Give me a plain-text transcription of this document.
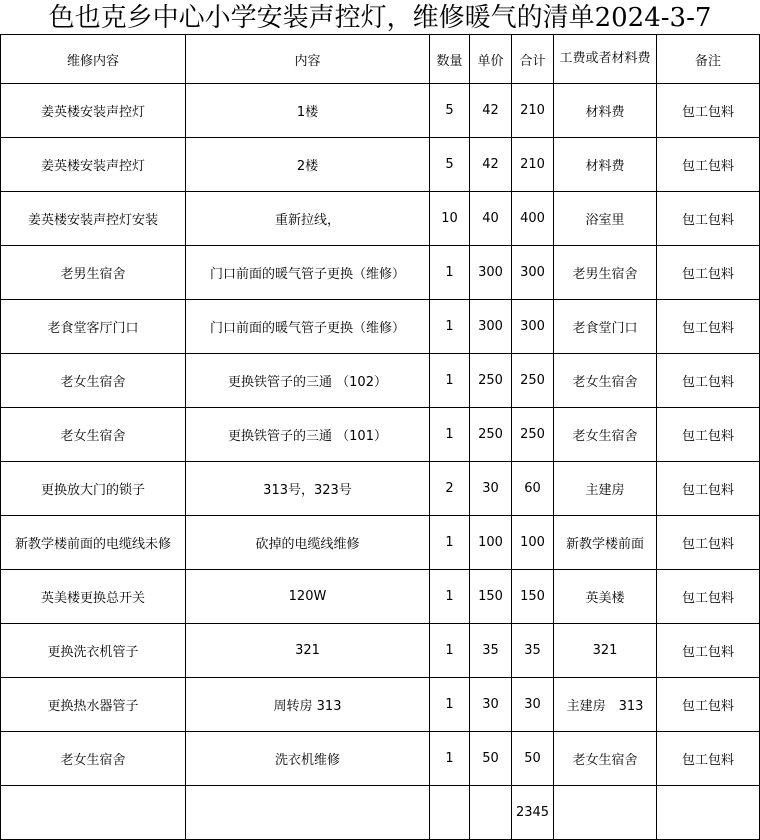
色也克乡中心小学安装声控灯，维修暖气的清单2024-3-7
维修内容	内容	数量	单价	合计	工费或者材料费	备注
姜英楼安装声控灯	1楼	5	42	210	材料费	包工包料
姜英楼安装声控灯	2楼	5	42	210	材料费	包工包料
姜英楼安装声控灯安装	重新拉线，	10	40	400	浴室里	包工包料
老男生宿舍	门口前面的暖气管子更换（维修）	1	300	300	老男生宿舍	包工包料
老食堂客厅门口	门口前面的暖气管子更换（维修）	1	300	300	老食堂门口	包工包料
老女生宿舍	更换铁管子的三通 （102）	1	250	250	老女生宿舍	包工包料
老女生宿舍	更换铁管子的三通 （101）	1	250	250	老女生宿舍	包工包料
更换放大门的锁子	313号，323号	2	30	60	主建房	包工包料
新教学楼前面的电缆线未修	砍掉的电缆线维修	1	100	100	新教学楼前面	包工包料
英美楼更换总开关	120W	1	150	150	英美楼	包工包料
更换洗衣机管子	321	1	35	35	321	包工包料
更换热水器管子	周转房 313	1	30	30	主建房　313	包工包料
老女生宿舍	洗衣机维修	1	50	50	老女生宿舍	包工包料
				2345		
